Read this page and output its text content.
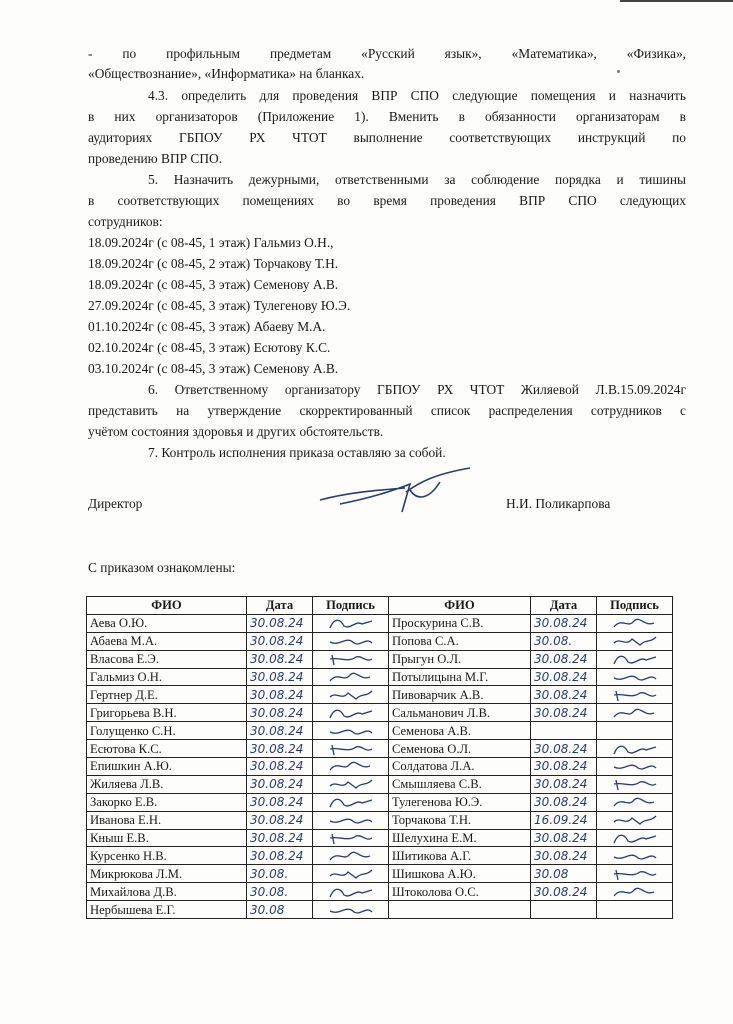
- по профильным предметам «Русский язык», «Математика», «Физика»,
«Обществознание», «Информатика» на бланках.
4.3. определить для проведения ВПР СПО следующие помещения и назначить
в них организаторов (Приложение 1). Вменить в обязанности организаторам в
аудиториях ГБПОУ РХ ЧТОТ выполнение соответствующих инструкций по
проведению ВПР СПО.
5. Назначить дежурными, ответственными за соблюдение порядка и тишины
в соответствующих помещениях во время проведения ВПР СПО следующих
сотрудников:
18.09.2024г (с 08-45, 1 этаж) Гальмиз О.Н.,
18.09.2024г (с 08-45, 2 этаж) Торчакову Т.Н.
18.09.2024г (с 08-45, 3 этаж) Семенову А.В.
27.09.2024г (с 08-45, 3 этаж) Тулегенову Ю.Э.
01.10.2024г (с 08-45, 3 этаж) Абаеву М.А.
02.10.2024г (с 08-45, 3 этаж) Есютову К.С.
03.10.2024г (с 08-45, 3 этаж) Семенову А.В.
6. Ответственному организатору ГБПОУ РХ ЧТОТ Жиляевой Л.В.15.09.2024г
представить на утверждение скорректированный список распределения сотрудников с
учётом состояния здоровья и других обстоятельств.
7. Контроль исполнения приказа оставляю за собой.
Директор	Н.И. Поликарпова
С приказом ознакомлены:
ФИО	Дата	Подпись	ФИО	Дата	Подпись
Аева О.Ю.	30.08.24		Проскурина С.В.	30.08.24	

Абаева М.А.	30.08.24		Попова С.А.	30.08.	

Власова Е.Э.	30.08.24		Прыгун О.Л.	30.08.24	

Гальмиз О.Н.	30.08.24		Потылицына М.Г.	30.08.24	

Гертнер Д.Е.	30.08.24		Пивоварчик А.В.	30.08.24	

Григорьева В.Н.	30.08.24		Сальманович Л.В.	30.08.24	

Голущенко С.Н.	30.08.24		Семенова А.В.		
Есютова К.С.	30.08.24		Семенова О.Л.	30.08.24	

Епишкин А.Ю.	30.08.24		Солдатова Л.А.	30.08.24	

Жиляева Л.В.	30.08.24		Смышляева С.В.	30.08.24	

Закорко Е.В.	30.08.24		Тулегенова Ю.Э.	30.08.24	

Иванова Е.Н.	30.08.24		Торчакова Т.Н.	16.09.24	

Кныш Е.В.	30.08.24		Шелухина Е.М.	30.08.24	

Курсенко Н.В.	30.08.24		Шитикова А.Г.	30.08.24	

Микрюкова Л.М.	30.08.		Шишкова А.Ю.	30.08	

Михайлова Д.В.	30.08.		Штоколова О.С.	30.08.24	

Нербышева Е.Г.	30.08	
